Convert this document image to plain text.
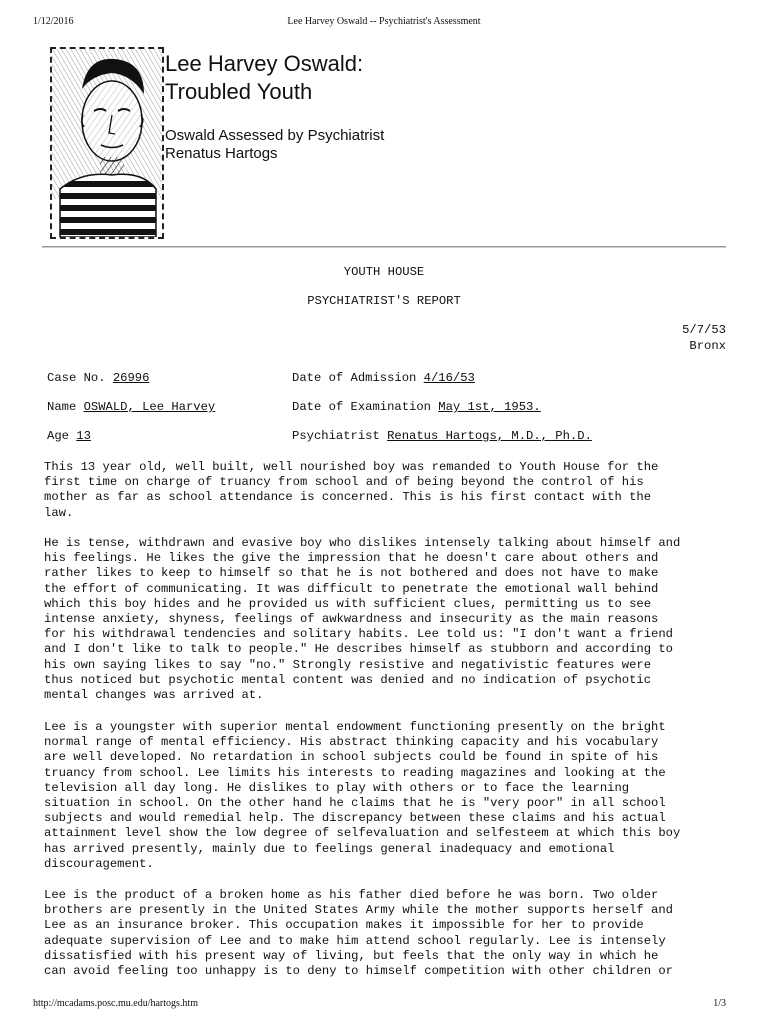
1/12/2016	Lee Harvey Oswald -- Psychiatrist's Assessment
Lee Harvey Oswald:
Troubled Youth
Oswald Assessed by Psychiatrist
Renatus Hartogs
YOUTH HOUSE
PSYCHIATRIST'S REPORT
5/7/53
Bronx
Case No. 26996	Date of Admission 4/16/53
Name OSWALD, Lee Harvey	Date of Examination May 1st, 1953.
Age 13	Psychiatrist Renatus Hartogs, M.D., Ph.D.

This 13 year old, well built, well nourished boy was remanded to Youth House for the
first time on charge of truancy from school and of being beyond the control of his
mother as far as school attendance is concerned. This is his first contact with the
law.

He is tense, withdrawn and evasive boy who dislikes intensely talking about himself and
his feelings. He likes the give the impression that he doesn't care about others and
rather likes to keep to himself so that he is not bothered and does not have to make
the effort of communicating. It was difficult to penetrate the emotional wall behind
which this boy hides and he provided us with sufficient clues, permitting us to see
intense anxiety, shyness, feelings of awkwardness and insecurity as the main reasons
for his withdrawal tendencies and solitary habits. Lee told us: "I don't want a friend
and I don't like to talk to people." He describes himself as stubborn and according to
his own saying likes to say "no." Strongly resistive and negativistic features were
thus noticed but psychotic mental content was denied and no indication of psychotic
mental changes was arrived at.

Lee is a youngster with superior mental endowment functioning presently on the bright
normal range of mental efficiency. His abstract thinking capacity and his vocabulary
are well developed. No retardation in school subjects could be found in spite of his
truancy from school. Lee limits his interests to reading magazines and looking at the
television all day long. He dislikes to play with others or to face the learning
situation in school. On the other hand he claims that he is "very poor" in all school
subjects and would remedial help. The discrepancy between these claims and his actual
attainment level show the low degree of selfevaluation and selfesteem at which this boy
has arrived presently, mainly due to feelings general inadequacy and emotional
discouragement.

Lee is the product of a broken home as his father died before he was born. Two older
brothers are presently in the United States Army while the mother supports herself and
Lee as an insurance broker. This occupation makes it impossible for her to provide
adequate supervision of Lee and to make him attend school regularly. Lee is intensely
dissatisfied with his present way of living, but feels that the only way in which he
can avoid feeling too unhappy is to deny to himself competition with other children or

http://mcadams.posc.mu.edu/hartogs.htm	1/3
